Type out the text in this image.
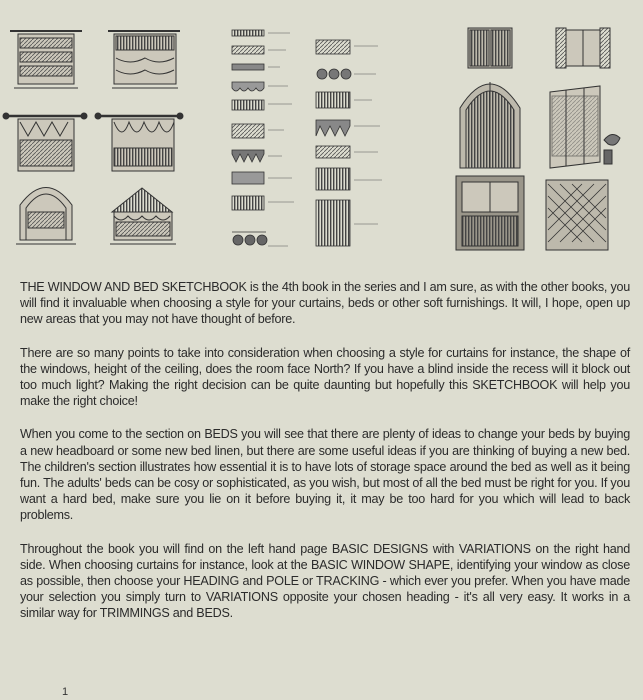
THE WINDOW AND BED SKETCHBOOK is the 4th book in the series and I am sure, as with the other books, you will find it invaluable when choosing a style for your curtains, beds or other soft furnishings. It will, I hope, open up new areas that you may not have thought of before.

There are so many points to take into consideration when choosing a style for curtains for instance, the shape of the windows, height of the ceiling, does the room face North? If you have a blind inside the recess will it block out too much light? Making the right decision can be quite daunting but hopefully this SKETCHBOOK will help you make the right choice!

When you come to the section on BEDS you will see that there are plenty of ideas to change your beds by buying a new headboard or some new bed linen, but there are some useful ideas if you are thinking of buying a new bed. The children's section illustrates how essential it is to have lots of storage space around the bed as well as it being fun. The adults' beds can be cosy or sophisticated, as you wish, but most of all the bed must be right for you. If you want a hard bed, make sure you lie on it before buying it, it may be too hard for you which will lead to back problems.

Throughout the book you will find on the left hand page BASIC DESIGNS with VARIATIONS on the right hand side. When choosing curtains for instance, look at the BASIC WINDOW SHAPE, identifying your window as close as possible, then choose your HEADING and POLE or TRACKING - which ever you prefer. When you have made your selection you simply turn to VARIATIONS opposite your chosen heading - it's all very easy. It works in a similar way for TRIMMINGS and BEDS.

1
